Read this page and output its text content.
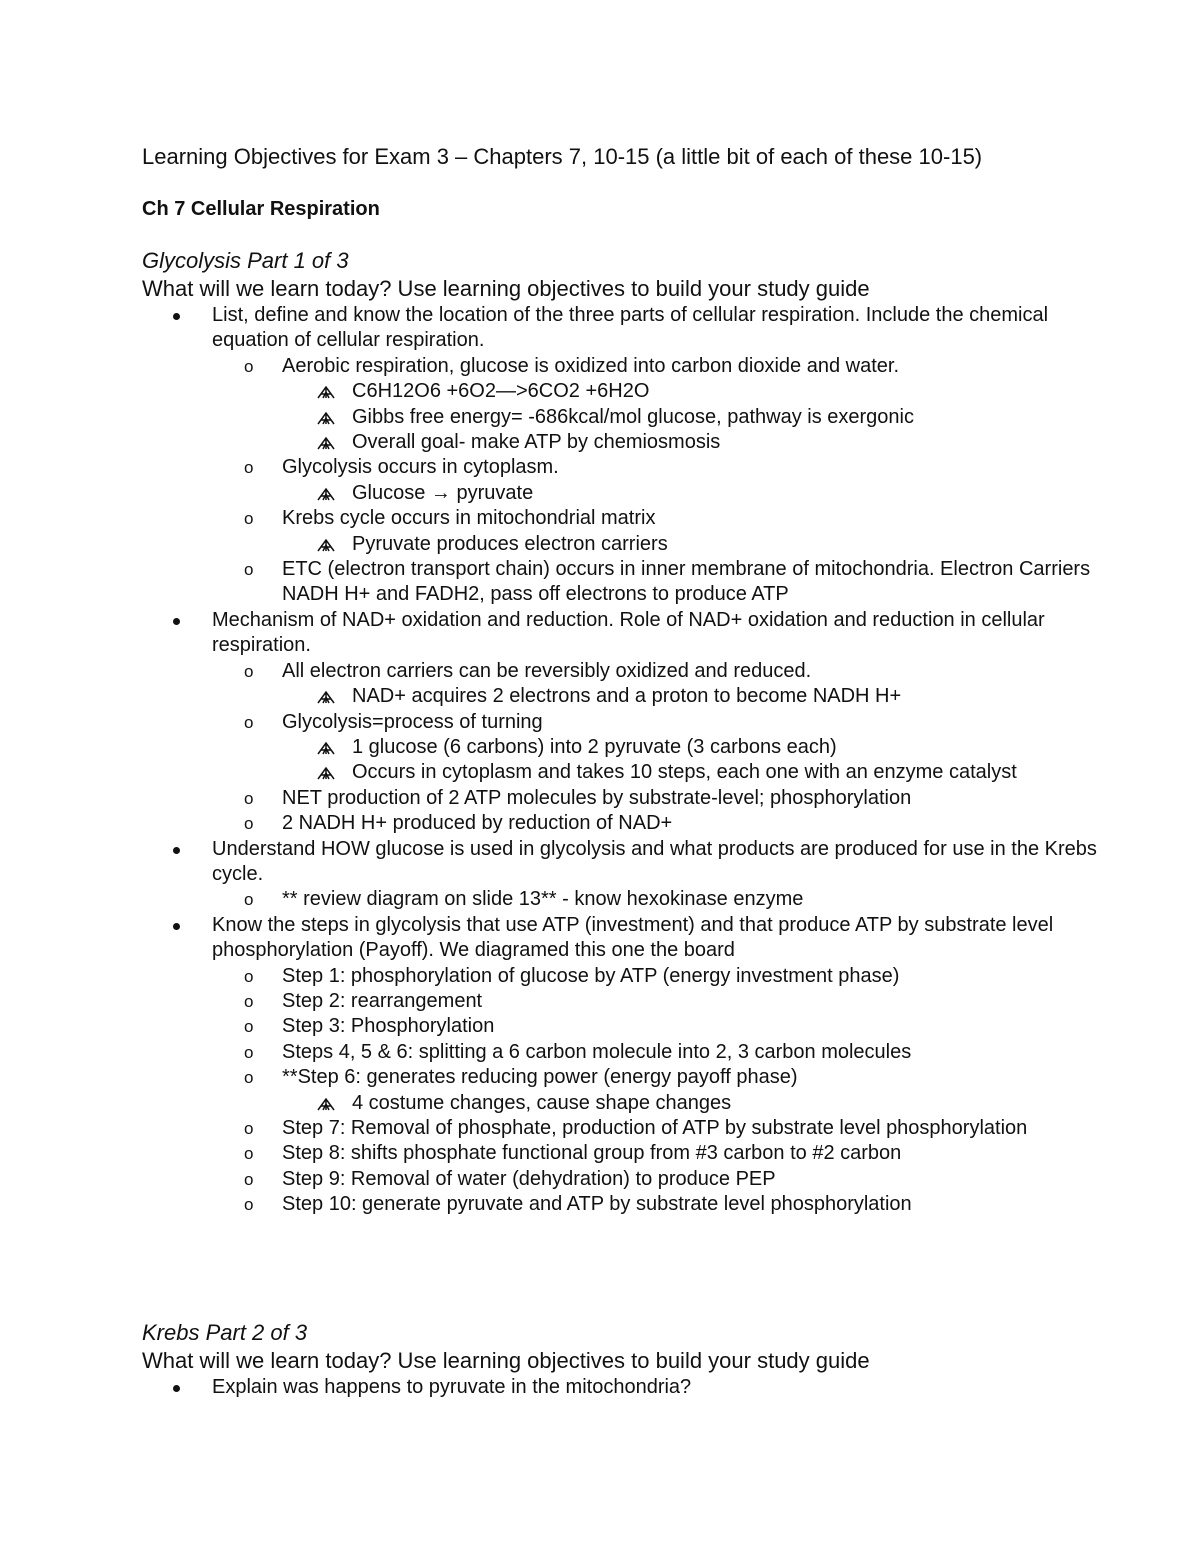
Learning Objectives for Exam 3 – Chapters 7, 10-15 (a little bit of each of these 10-15)
Ch 7 Cellular Respiration
Glycolysis Part 1 of 3
What will we learn today? Use learning objectives to build your study guide
List, define and know the location of the three parts of cellular respiration. Include the chemical equation of cellular respiration.
o Aerobic respiration, glucose is oxidized into carbon dioxide and water.
C6H12O6 +6O2—>6CO2 +6H2O
Gibbs free energy= -686kcal/mol glucose, pathway is exergonic
Overall goal- make ATP by chemiosmosis
o Glycolysis occurs in cytoplasm.
Glucose → pyruvate
o Krebs cycle occurs in mitochondrial matrix
Pyruvate produces electron carriers
o ETC (electron transport chain) occurs in inner membrane of mitochondria. Electron Carriers NADH H+ and FADH2, pass off electrons to produce ATP
Mechanism of NAD+ oxidation and reduction. Role of NAD+ oxidation and reduction in cellular respiration.
o All electron carriers can be reversibly oxidized and reduced.
NAD+ acquires 2 electrons and a proton to become NADH H+
o Glycolysis=process of turning
1 glucose (6 carbons) into 2 pyruvate (3 carbons each)
Occurs in cytoplasm and takes 10 steps, each one with an enzyme catalyst
o NET production of 2 ATP molecules by substrate-level; phosphorylation
o 2 NADH H+ produced by reduction of NAD+
Understand HOW glucose is used in glycolysis and what products are produced for use in the Krebs cycle.
o ** review diagram on slide 13** - know hexokinase enzyme
Know the steps in glycolysis that use ATP (investment) and that produce ATP by substrate level phosphorylation (Payoff). We diagramed this one the board
o Step 1: phosphorylation of glucose by ATP (energy investment phase)
o Step 2: rearrangement
o Step 3: Phosphorylation
o Steps 4, 5 & 6: splitting a 6 carbon molecule into 2, 3 carbon molecules
o **Step 6: generates reducing power (energy payoff phase)
4 costume changes, cause shape changes
o Step 7: Removal of phosphate, production of ATP by substrate level phosphorylation
o Step 8: shifts phosphate functional group from #3 carbon to #2 carbon
o Step 9: Removal of water (dehydration) to produce PEP
o Step 10: generate pyruvate and ATP by substrate level phosphorylation
Krebs Part 2 of 3
What will we learn today? Use learning objectives to build your study guide
Explain was happens to pyruvate in the mitochondria?
